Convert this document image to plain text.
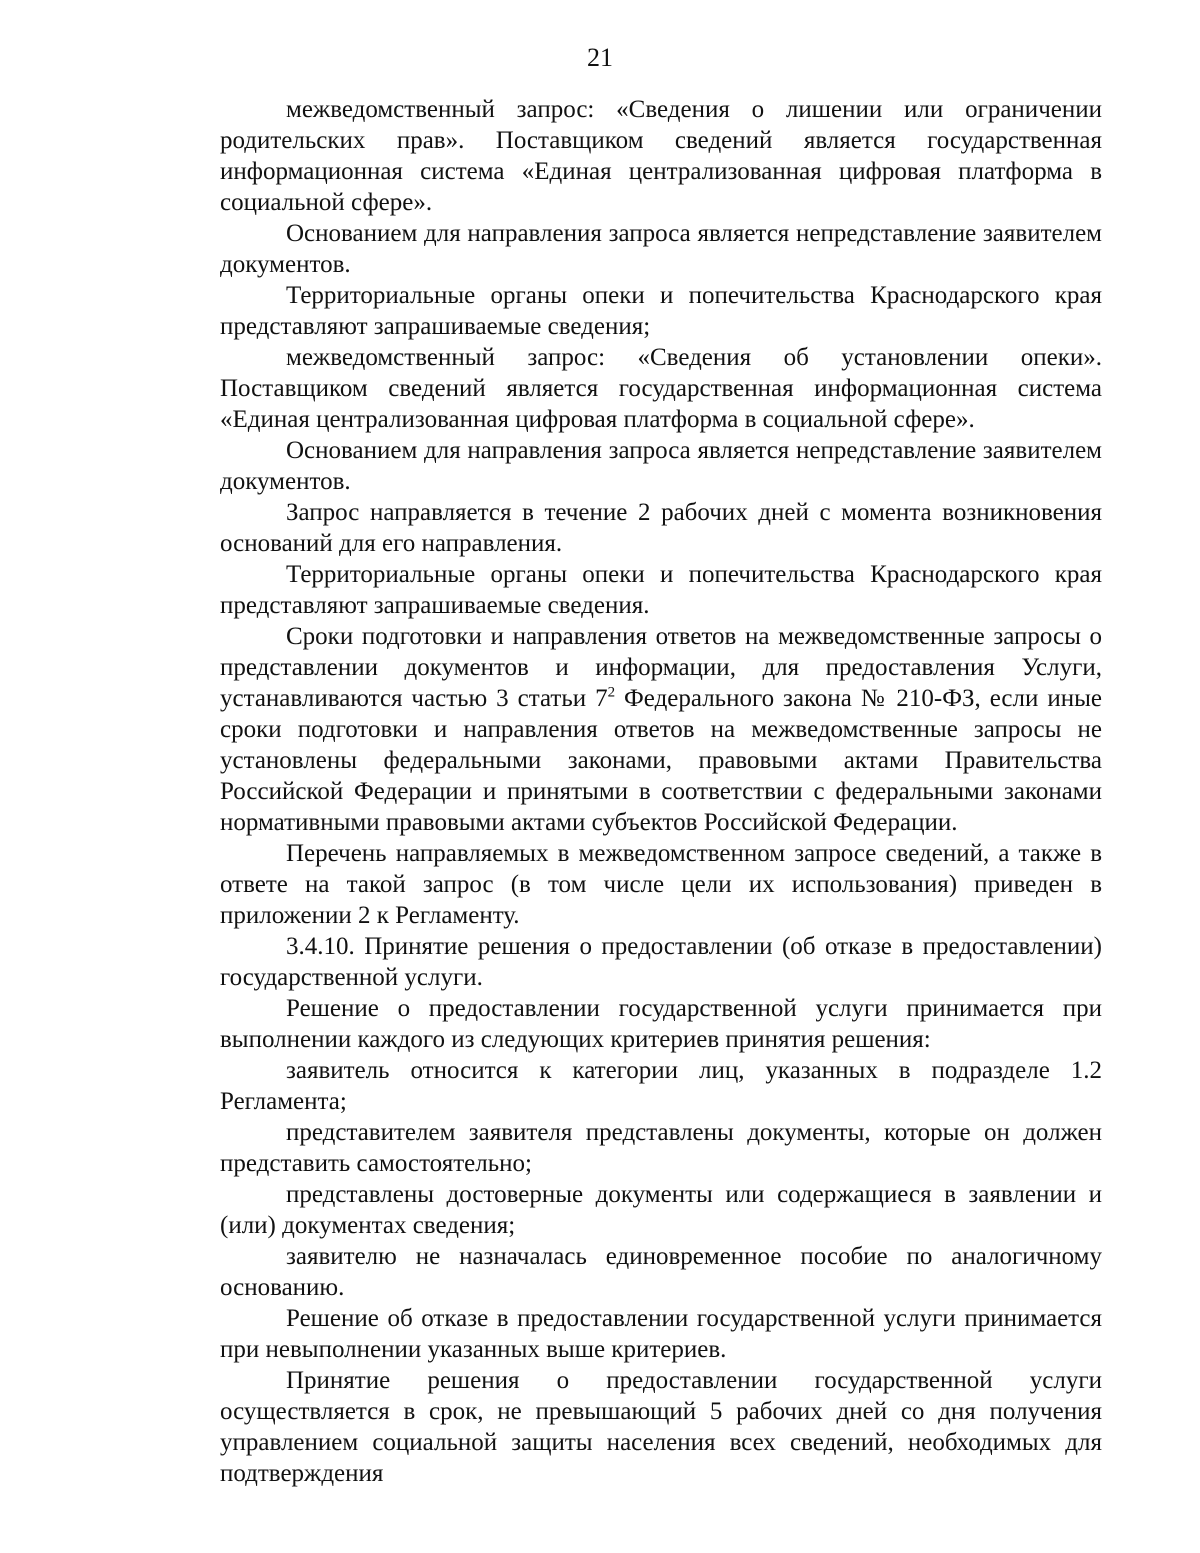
21

межведомственный запрос: «Сведения о лишении или ограничении родительских прав». Поставщиком сведений является государственная информационная система «Единая централизованная цифровая платформа в социальной сфере».

Основанием для направления запроса является непредставление заявителем документов.

Территориальные органы опеки и попечительства Краснодарского края представляют запрашиваемые сведения;

межведомственный запрос: «Сведения об установлении опеки». Поставщиком сведений является государственная информационная система «Единая централизованная цифровая платформа в социальной сфере».

Основанием для направления запроса является непредставление заявителем документов.

Запрос направляется в течение 2 рабочих дней с момента возникновения оснований для его направления.

Территориальные органы опеки и попечительства Краснодарского края представляют запрашиваемые сведения.

Сроки подготовки и направления ответов на межведомственные запросы о представлении документов и информации, для предоставления Услуги, устанавливаются частью 3 статьи $7^2$ Федерального закона № 210-ФЗ, если иные сроки подготовки и направления ответов на межведомственные запросы не установлены федеральными законами, правовыми актами Правительства Российской Федерации и принятыми в соответствии с федеральными законами нормативными правовыми актами субъектов Российской Федерации.

Перечень направляемых в межведомственном запросе сведений, а также в ответе на такой запрос (в том числе цели их использования) приведен в приложении 2 к Регламенту.

3.4.10. Принятие решения о предоставлении (об отказе в предоставлении) государственной услуги.

Решение о предоставлении государственной услуги принимается при выполнении каждого из следующих критериев принятия решения:

заявитель относится к категории лиц, указанных в подразделе 1.2 Регламента;

представителем заявителя представлены документы, которые он должен представить самостоятельно;

представлены достоверные документы или содержащиеся в заявлении и (или) документах сведения;

заявителю не назначалась единовременное пособие по аналогичному основанию.

Решение об отказе в предоставлении государственной услуги принимается при невыполнении указанных выше критериев.

Принятие решения о предоставлении государственной услуги осуществляется в срок, не превышающий 5 рабочих дней со дня получения управлением социальной защиты населения всех сведений, необходимых для подтверждения
